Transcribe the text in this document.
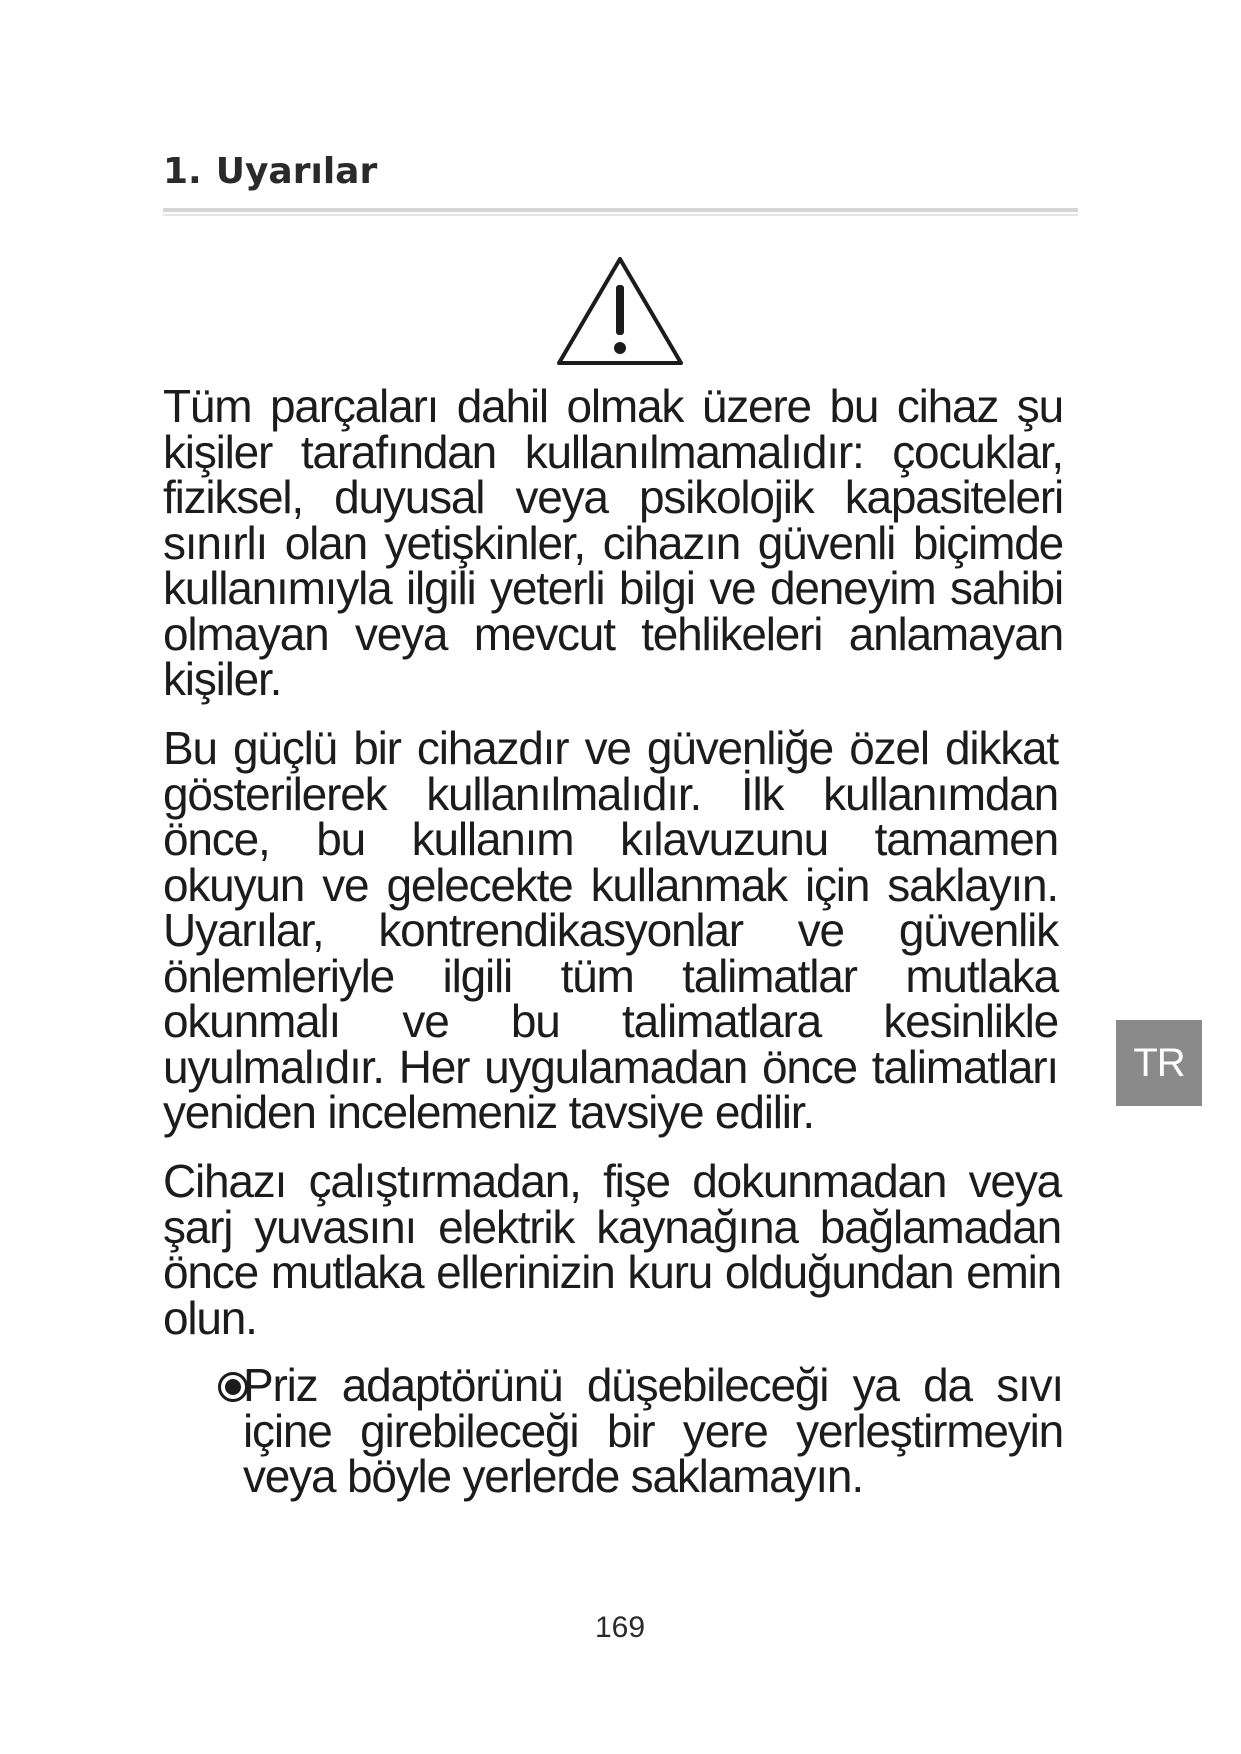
1. Uyarılar

Tüm parçaları dahil olmak üzere bu cihaz şu kişiler tarafından kullanılmamalıdır: çocuklar, fiziksel, duyusal veya psikolojik kapasiteleri sınırlı olan yetişkinler, cihazın güvenli biçimde kullanımıyla ilgili yeterli bilgi ve deneyim sahibi olmayan veya mevcut tehlikeleri anlamayan kişiler.

Bu güçlü bir cihazdır ve güvenliğe özel dikkat gösterilerek kullanılmalıdır. İlk kullanımdan önce, bu kullanım kılavuzunu tamamen okuyun ve gelecekte kullanmak için saklayın. Uyarılar, kontrendikasyonlar ve güvenlik önlemleriyle ilgili tüm talimatlar mutlaka okunmalı ve bu talimatlara kesinlikle uyulmalıdır. Her uygulamadan önce talimatları yeniden incelemeniz tavsiye edilir.

Cihazı çalıştırmadan, fişe dokunmadan veya şarj yuvasını elektrik kaynağına bağlamadan önce mutlaka ellerinizin kuru olduğundan emin olun.

Priz adaptörünü düşebileceği ya da sıvı içine girebileceği bir yere yerleştirmeyin veya böyle yerlerde saklamayın.

TR
169
